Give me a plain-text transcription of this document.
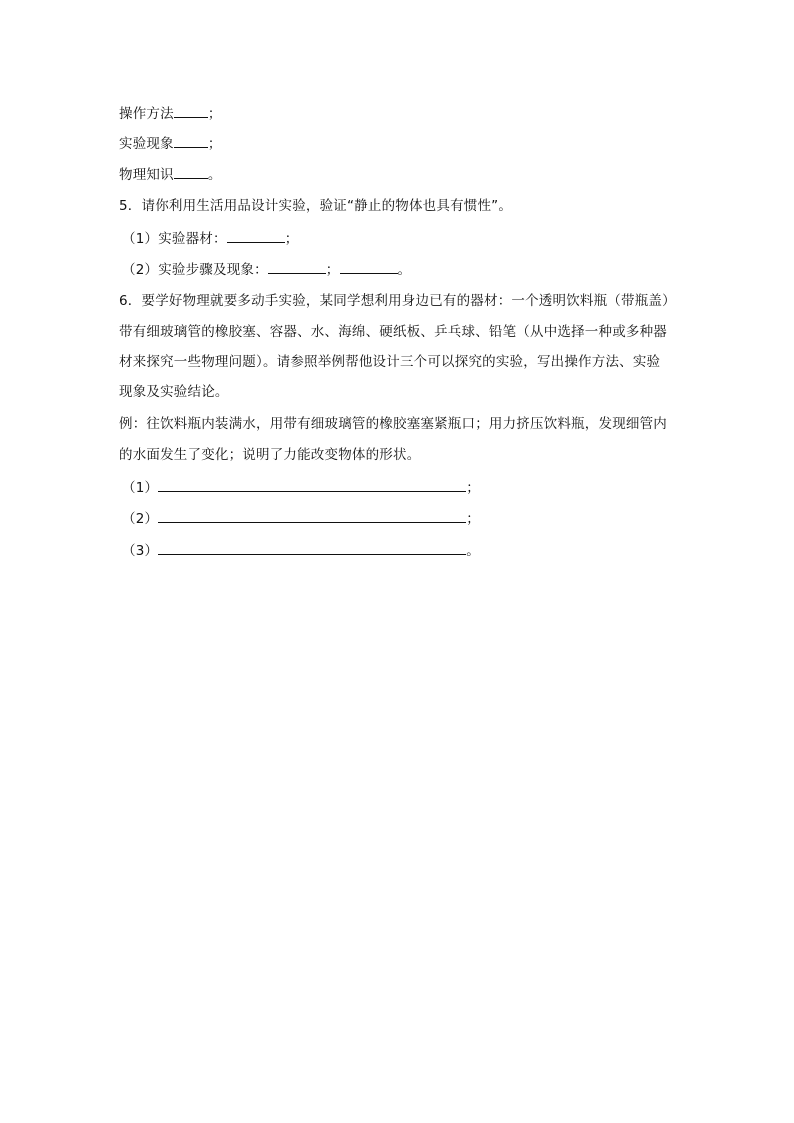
操作方法	；
实验现象	；
物理知识	。
5．请你利用生活用品设计实验，验证“静止的物体也具有惯性”。
（1）实验器材：	；
（2）实验步骤及现象：	；	。
6．要学好物理就要多动手实验，某同学想利用身边已有的器材：一个透明饮料瓶（带瓶盖）
带有细玻璃管的橡胶塞、容器、水、海绵、硬纸板、乒乓球、铅笔（从中选择一种或多种器
材来探究一些物理问题）。请参照举例帮他设计三个可以探究的实验，写出操作方法、实验
现象及实验结论。
例：往饮料瓶内装满水，用带有细玻璃管的橡胶塞塞紧瓶口；用力挤压饮料瓶，发现细管内
的水面发生了变化；说明了力能改变物体的形状。
（1）	；
（2）	；
（3）	。
